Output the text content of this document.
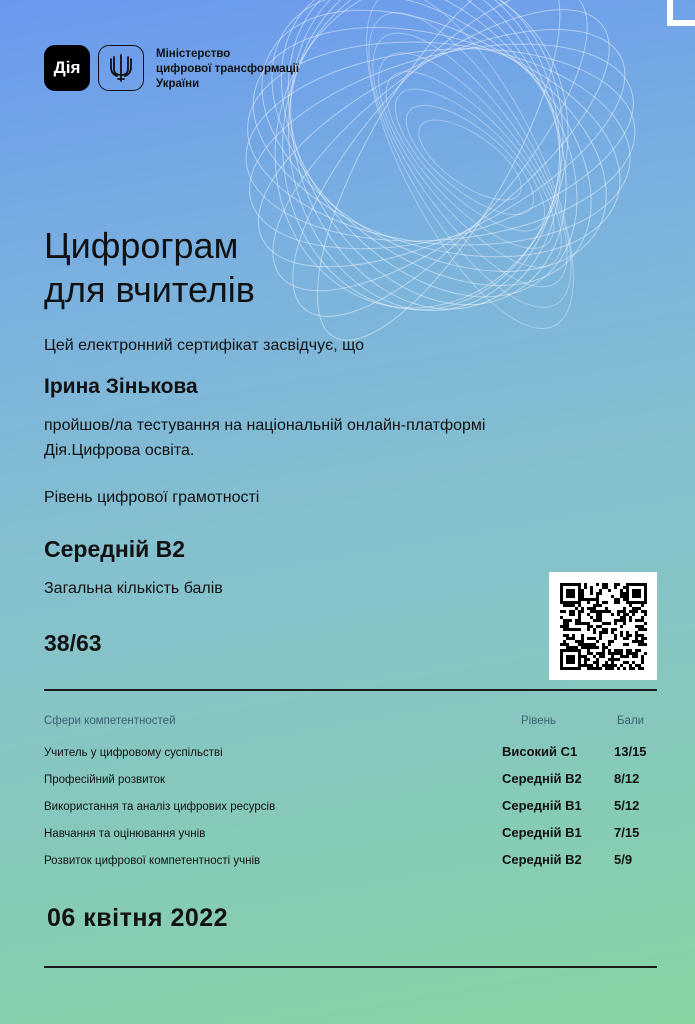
Дія
Міністерство
цифрової трансформації
України
Цифрограм
для вчителів
Цей електронний сертифікат засвідчує, що
Ірина Зінькова
пройшов/ла тестування на національній онлайн-платформі
Дія.Цифрова освіта.
Рівень цифрової грамотності
Середній В2
Загальна кількість балів
38/63
Сфери компетентностей	Рівень	Бали
Учитель у цифровому суспільстві	Високий С1	13/15
Професійний розвиток	Середній В2 8/12
Використання та аналіз цифрових ресурсів	Середній В1 5/12
Навчання та оцінювання учнів	Середній В1 7/15
Розвиток цифрової компетентності учнів	Середній В2 5/9
06 квітня 2022
